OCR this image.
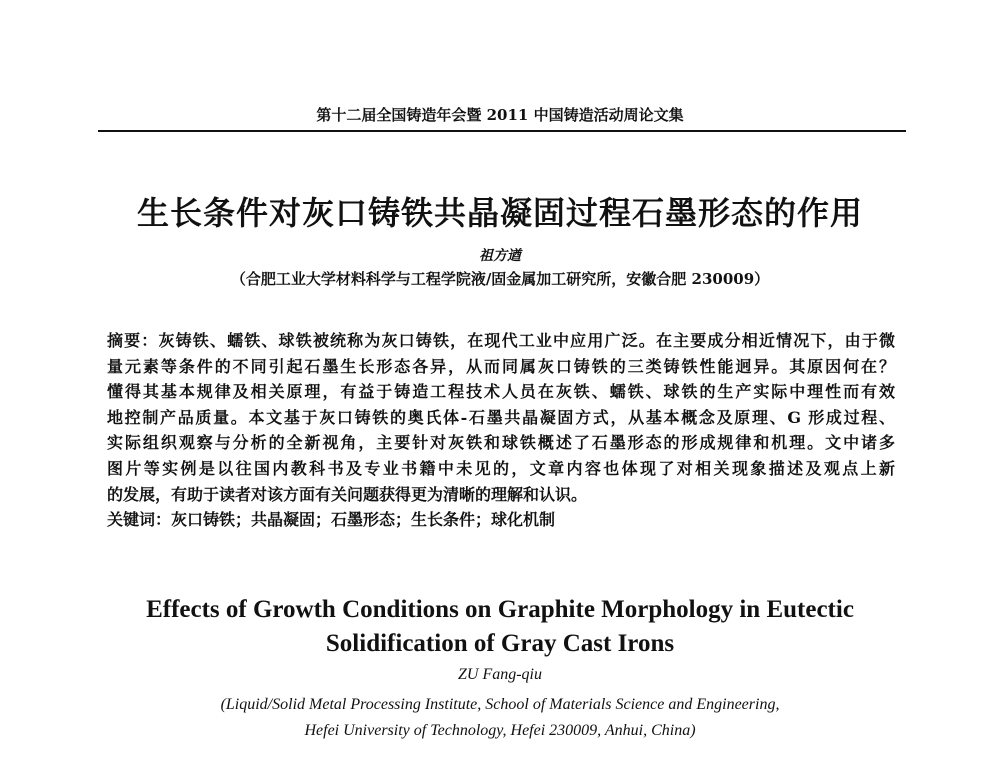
第十二届全国铸造年会暨 2011 中国铸造活动周论文集
生长条件对灰口铸铁共晶凝固过程石墨形态的作用
祖方遒
（合肥工业大学材料科学与工程学院液/固金属加工研究所，安徽合肥 230009）
摘要：灰铸铁、蠕铁、球铁被统称为灰口铸铁，在现代工业中应用广泛。在主要成分相近情况下，由于微
量元素等条件的不同引起石墨生长形态各异，从而同属灰口铸铁的三类铸铁性能迥异。其原因何在？
懂得其基本规律及相关原理，有益于铸造工程技术人员在灰铁、蠕铁、球铁的生产实际中理性而有效
地控制产品质量。本文基于灰口铸铁的奥氏体-石墨共晶凝固方式，从基本概念及原理、G 形成过程、
实际组织观察与分析的全新视角，主要针对灰铁和球铁概述了石墨形态的形成规律和机理。文中诸多
图片等实例是以往国内教科书及专业书籍中未见的，文章内容也体现了对相关现象描述及观点上新
的发展，有助于读者对该方面有关问题获得更为清晰的理解和认识。
关键词：灰口铸铁；共晶凝固；石墨形态；生长条件；球化机制
Effects of Growth Conditions on Graphite Morphology in Eutectic
Solidification of Gray Cast Irons
ZU Fang-qiu
(Liquid/Solid Metal Processing Institute, School of Materials Science and Engineering,
Hefei University of Technology, Hefei 230009, Anhui, China)
